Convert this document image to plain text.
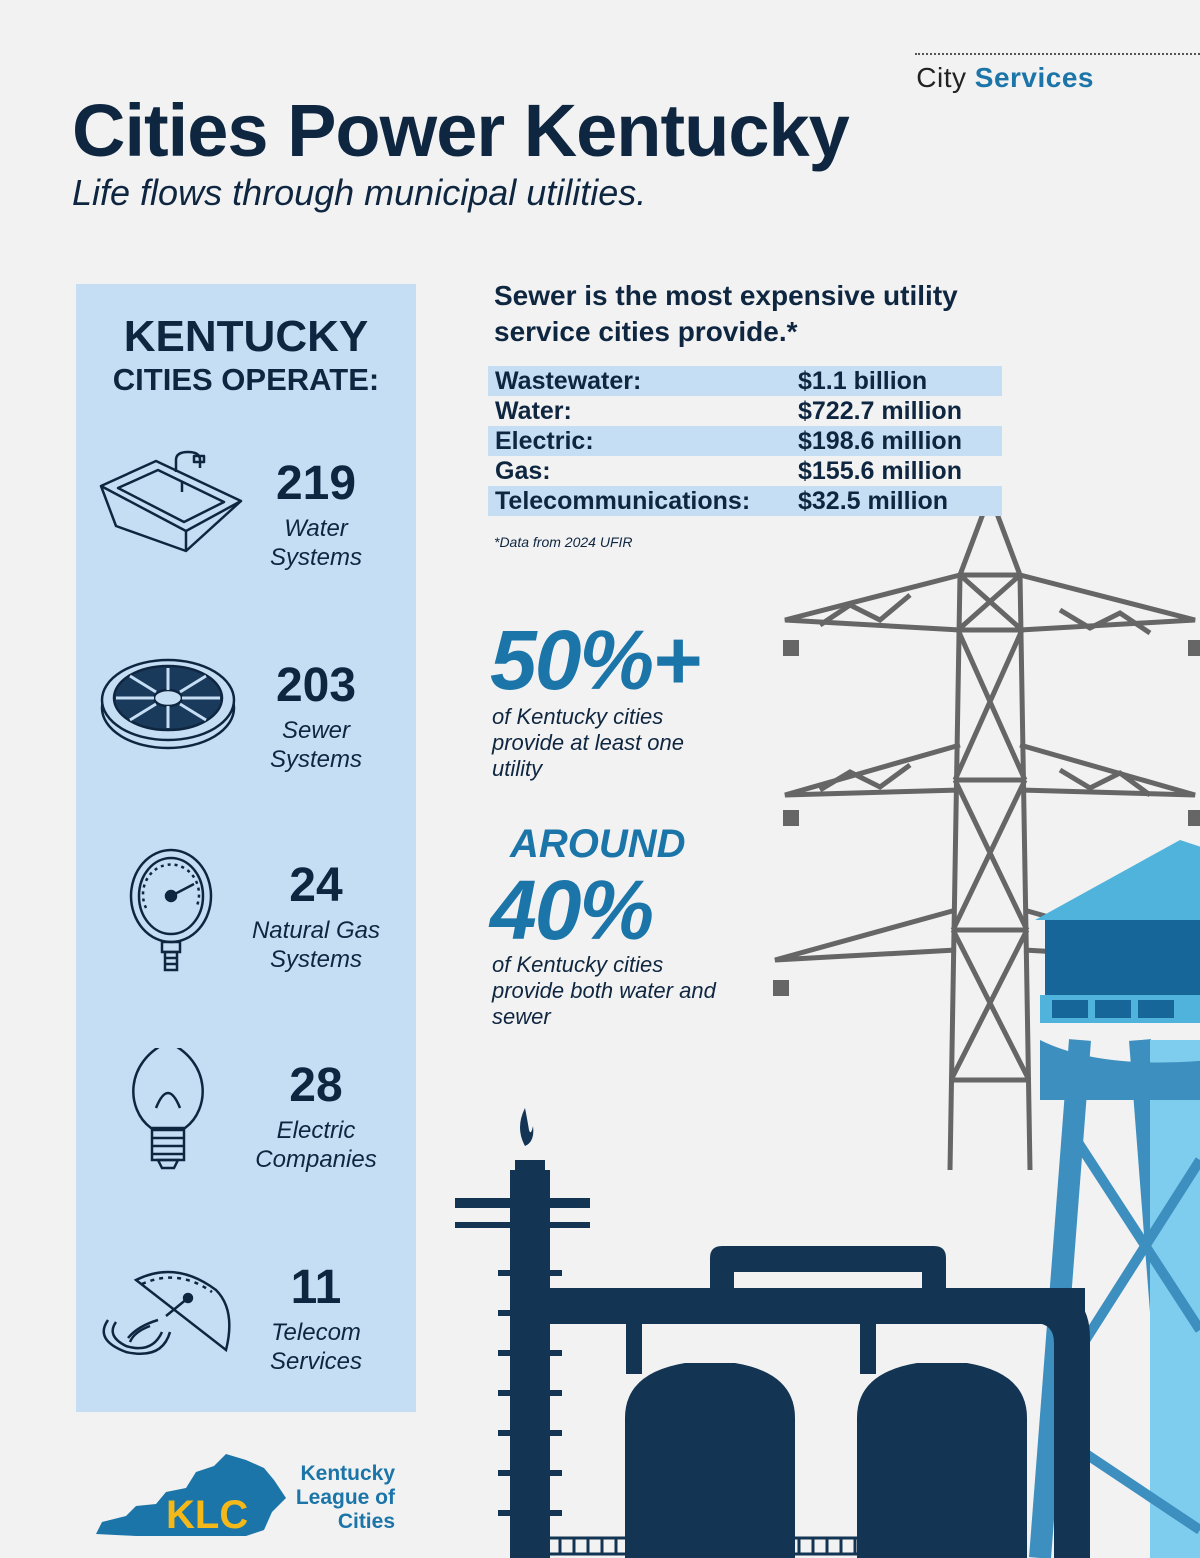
City Services
Cities Power Kentucky
Life flows through municipal utilities.
KENTUCKY
CITIES OPERATE:
219
Water
Systems
203
Sewer
Systems
24
Natural Gas
Systems
28
Electric
Companies
11
Telecom
Services
Sewer is the most expensive utility service cities provide.*
Wastewater:	$1.1 billion
Water:	$722.7 million
Electric:	$198.6 million
Gas:	$155.6 million
Telecommunications: $32.5 million
*Data from 2024 UFIR
50%+
of Kentucky cities provide at least one utility
AROUND
40%
of Kentucky cities provide both water and sewer
KLC
Kentucky League of Cities
